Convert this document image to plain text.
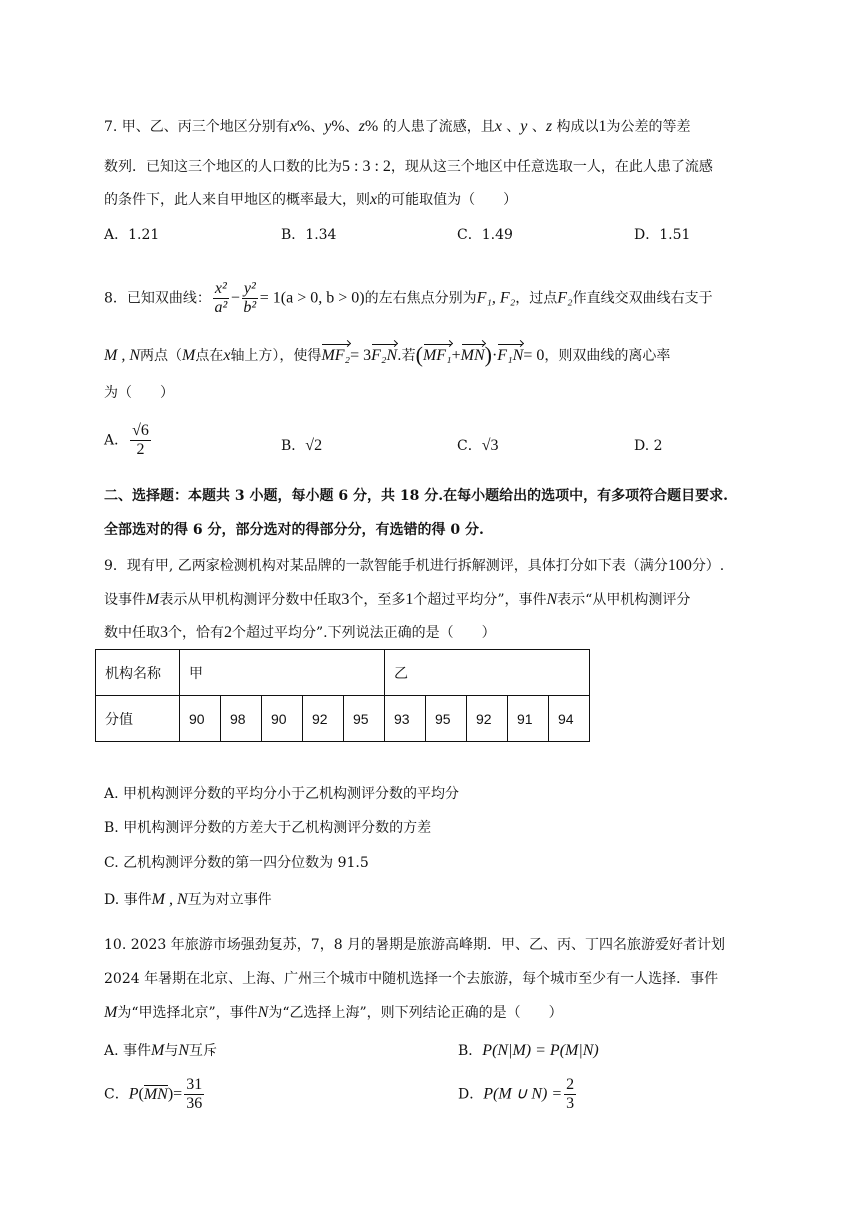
7. 甲、乙、丙三个地区分别有x%、y%、z% 的人患了流感，且x 、y 、z 构成以1为公差的等差
数列．已知这三个地区的人口数的比为5 : 3 : 2，现从这三个地区中任意选取一人，在此人患了流感
的条件下，此人来自甲地区的概率最大，则x的可能取值为（　　）
A．1.21	B．1.34	C．1.49	D．1.51
8．已知双曲线： $\frac{\text{x²}}{\text{a²}} - \frac{\text{y²}}{\text{b²}} = 1(a > 0$, b > 0)的左右焦点分别为F₁, F₂，过点F₂作直线交双曲线右支于
M , N两点（M点在x轴上方），使得MF₂= 3F₂N.若(MF₁+MN)·F₁N= 0，则双曲线的离心率
为（　　）
A． $\frac{√6}{2}$	B．√2	C．√3	D. 2
二、选择题：本题共 3 小题，每小题 6 分，共 18 分.在每小题给出的选项中，有多项符合题目要求.
全部选对的得 6 分，部分选对的得部分分，有选错的得 0 分.
9．现有甲, 乙两家检测机构对某品牌的一款智能手机进行拆解测评，具体打分如下表（满分100分）.
设事件M表示从甲机构测评分数中任取3个，至多1个超过平均分”，事件N表示“从甲机构测评分
数中任取3个，恰有2个超过平均分”.下列说法正确的是（　　）
机构名称	甲					乙				
分值	90	98	90	92	95	93	95	92	91	94
A. 甲机构测评分数的平均分小于乙机构测评分数的平均分
B. 甲机构测评分数的方差大于乙机构测评分数的方差
C. 乙机构测评分数的第一四分位数为 91.5
D. 事件M , N互为对立事件
10. 2023 年旅游市场强劲复苏，7，8 月的暑期是旅游高峰期．甲、乙、丙、丁四名旅游爱好者计划
2024 年暑期在北京、上海、广州三个城市中随机选择一个去旅游，每个城市至少有一人选择．事件
M为“甲选择北京”，事件N为“乙选择上海”，则下列结论正确的是（　　）
A. 事件M与N互斥	B．P(N|M) = P(M|N)
C．$P(MN)= \frac{31}{36}$	D．P(M ∪ $N) = \frac{2}{3}$
